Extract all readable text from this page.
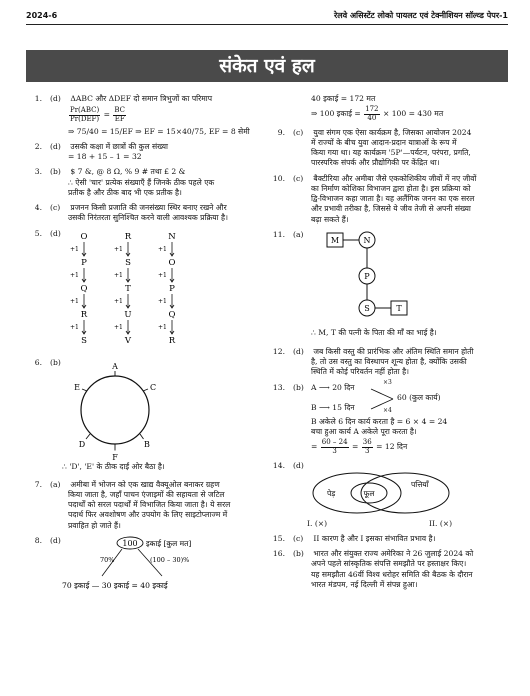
2024-6	रेलवे असिस्टेंट लोको पायलट एवं टेक्नीशियन सॉल्व्ड पेपर-1
संकेत एवं हल
1. (d) ΔABC और ΔDEF दो समान त्रिभुजों का परिमाप
$\frac{\text{Pr(ABC)}}{\text{Pr(DEF)}} = \frac{BC}{EF}$
⇒ 75/40 = 15/EF ⇒ EF = 15×40/75, EF = 8 सेमी
2. (d) उसकी कक्षा में छात्रों की कुल संख्या
= 18 + 15 – 1 = 32
3. (b) $ 7 &, @ 8 Ω, % 9 # तथा £ 2 &
∴ ऐसी 'चार' प्रत्येक संख्याएँ हैं जिनके ठीक पहले एक
प्रतीक है और ठीक बाद भी एक प्रतीक है।
4. (c) प्रजनन किसी प्रजाति की जनसंख्या स्थिर बनाए रखने और
उसकी निरंतरता सुनिश्चित करने वाली आवश्यक प्रक्रिया है।
5. (d) O
+1
P
+1
Q
+1
R
+1
S
R
+1
S
+1
T
+1
U
+1
V
N
+1
O
+1
P
+1
Q
+1
R
6. (b)	A
C
B
F
D
E
∴ 'D', 'E' के ठीक दाईं ओर बैठा है।
7. (a) अमीबा में भोजन को एक खाद्य वैक्यूओल बनाकर ग्रहण
किया जाता है, जहाँ पाचन एंजाइमों की सहायता से जटिल
पदार्थों को सरल पदार्थों में विभाजित किया जाता है। ये सरल
पदार्थ फिर अवशोषण और उपयोग के लिए साइटोप्लाज्म में
प्रवाहित हो जाते हैं।
8. (d)	100 इकाई [कुल मत]
70%	(100 – 30)%
70 इकाई — 30 इकाई = 40 इकाई
40 इकाई = 172 मत
⇒ 100 इकाई = $\frac{172}{40} \times 100 = 430$ मत
9. (c) युवा संगम एक ऐसा कार्यक्रम है, जिसका आयोजन 2024
में राज्यों के बीच युवा आदान-प्रदान यात्राओं के रूप में
किया गया था। यह कार्यक्रम '5P'—पर्यटन, परंपरा, प्रगति,
पारस्परिक संपर्क और प्रौद्योगिकी पर केंद्रित था।
10. (c) बैक्टीरिया और अमीबा जैसे एककोशिकीय जीवों में नए जीवों
का निर्माण कोशिका विभाजन द्वारा होता है। इस प्रक्रिया को
द्वि-विभाजन कहा जाता है। यह अलैंगिक जनन का एक सरल
और प्रभावी तरीका है, जिससे ये जीव तेजी से अपनी संख्या
बढ़ा सकते हैं।
11. (a)
M	N
P
S	T
∴ M, T की पत्नी के पिता की माँ का भाई है।
12. (d) जब किसी वस्तु की प्रारंभिक और अंतिम स्थिति समान होती
है, तो उस वस्तु का विस्थापन शून्य होता है, क्योंकि उसकी
स्थिति में कोई परिवर्तन नहीं होता है।
13. (b) A ⟶ 20 दिन
B ⟶ 15 दिन
×3
×4
60 (कुल कार्य)
B अकेले 6 दिन कार्य करता है = 6 × 4 = 24
बचा हुआ कार्य A अकेले पूरा करता है।
= $\frac{60 - 24}{3} = \frac{36}{3} = 12$ दिन
14. (d)
पेड़	फूल
पत्तियाँ
I. (×)	II. (×)
15. (c) II कारण है और I इसका संभावित प्रभाव है।
16. (b) भारत और संयुक्त राज्य अमेरिका ने 26 जुलाई 2024 को
अपने पहले सांस्कृतिक संपत्ति समझौते पर हस्ताक्षर किए।
यह समझौता 46वीं विश्व धरोहर समिति की बैठक के दौरान
भारत मंडपम, नई दिल्ली में संपन्न हुआ।
